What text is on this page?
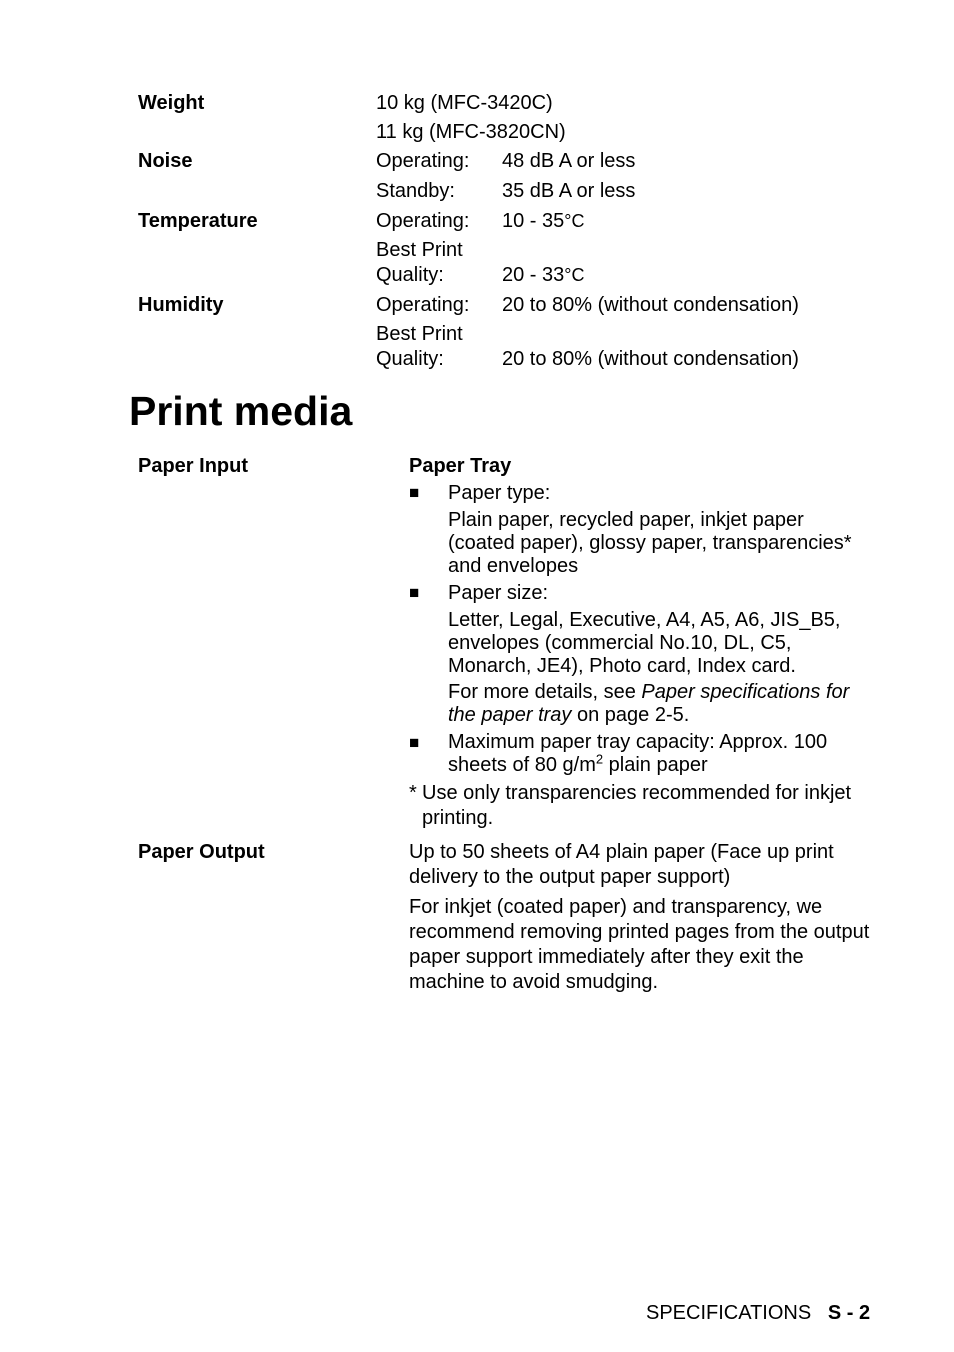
Weight	10 kg (MFC-3420C)
11 kg (MFC-3820CN)
Noise	Operating: 48 dB A or less
Standby: 35 dB A or less
Temperature	Operating: 10 - 35°C
Best Print
Quality:	20 - 33°C
Humidity	Operating: 20 to 80% (without condensation)
Best Print
Quality:	20 to 80% (without condensation)
Print media
Paper Input	Paper Tray
■ Paper type:
Plain paper, recycled paper, inkjet paper (coated paper), glossy paper, transparencies* and envelopes
■ Paper size:
Letter, Legal, Executive, A4, A5, A6, JIS_B5, envelopes (commercial No.10, DL, C5, Monarch, JE4), Photo card, Index card.
For more details, see Paper specifications for the paper tray on page 2-5.
■ Maximum paper tray capacity: Approx. 100 sheets of 80 $g/m^2$ plain paper
* Use only transparencies recommended for inkjet printing.
Paper Output	Up to 50 sheets of A4 plain paper (Face up print delivery to the output paper support)
For inkjet (coated paper) and transparency, we recommend removing printed pages from the output paper support immediately after they exit the machine to avoid smudging.
SPECIFICATIONS S - 2
